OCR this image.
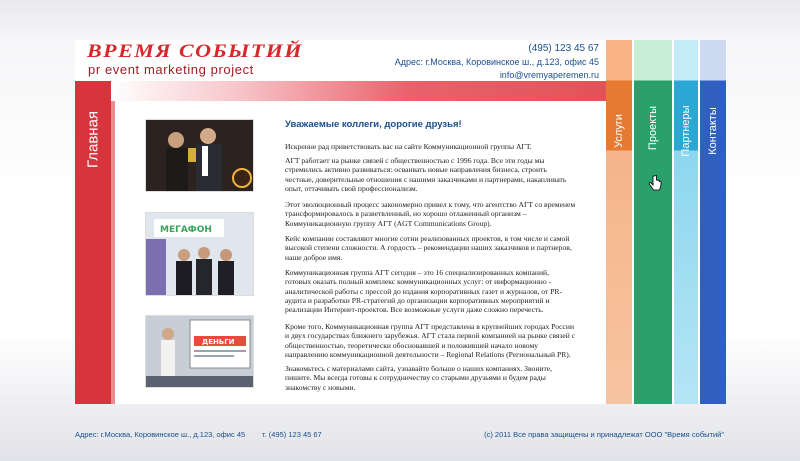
ВРЕМЯ СОБЫТИЙ
pr event marketing project
(495) 123 45 67
Адрес: г.Москва, Коровинское ш., д.123, офис 45
info@vremyaperemen.ru
Главная	Услуги Проекты Партнеры Контакты
МЕГАФОН
ДЕНЬГИ
Уважаемые коллеги, дорогие друзья!
Искренне рад приветствовать вас на сайте Коммуникационной группы АГТ.
АГТ работает на рынке связей с общественностью с 1996 года. Все эти годы мы стремились активно развиваться: осваивать новые направления бизнеса, строить честные, доверительные отношения с нашими заказчиками и партнерами, накапливать опыт, оттачивать свой профессионализм.
Этот эволюционный процесс закономерно привел к тому, что агентство АГТ со временем трансформировалось в разветвленный, но хорошо отлаженный организм – Коммуникационную группу АГТ (AGT Communications Group).
Кейс компании составляют многие сотни реализованных проектов, в том числе и самой высокой степени сложности. А гордость – рекомендации наших заказчиков и партнеров, наше доброе имя.
Коммуникационная группа АГТ сегодня – это 16 специализированных компаний, готовых оказать полный комплекс коммуникационных услуг: от информационно - аналитической работы с прессой до издания корпоративных газет и журналов, от PR-аудита и разработки PR-стратегий до организации корпоративных мероприятий и реализации Интернет-проектов. Все возможные услуги даже сложно перечесть.
Кроме того, Коммуникационная группа АГТ представлена в крупнейших городах России и двух государствах ближнего зарубежья. АГТ стала первой компанией на рынке связей с общественностью, теоретически обосновавшей и положившей начало новому направлению коммуникационной деятельности – Regional Relations (Региональный PR).
Знакомьтесь с материалами сайта, узнавайте больше о наших компаниях. Звоните, пишите. Мы всегда готовы к сотрудничеству со старыми друзьями и будем рады знакомству с новыми.
Адрес: г.Москва, Коровинское ш., д.123, офис 45 т. (495) 123 45 67	(с) 2011 Все права защищены и принадлежат ООО "Время событий"
